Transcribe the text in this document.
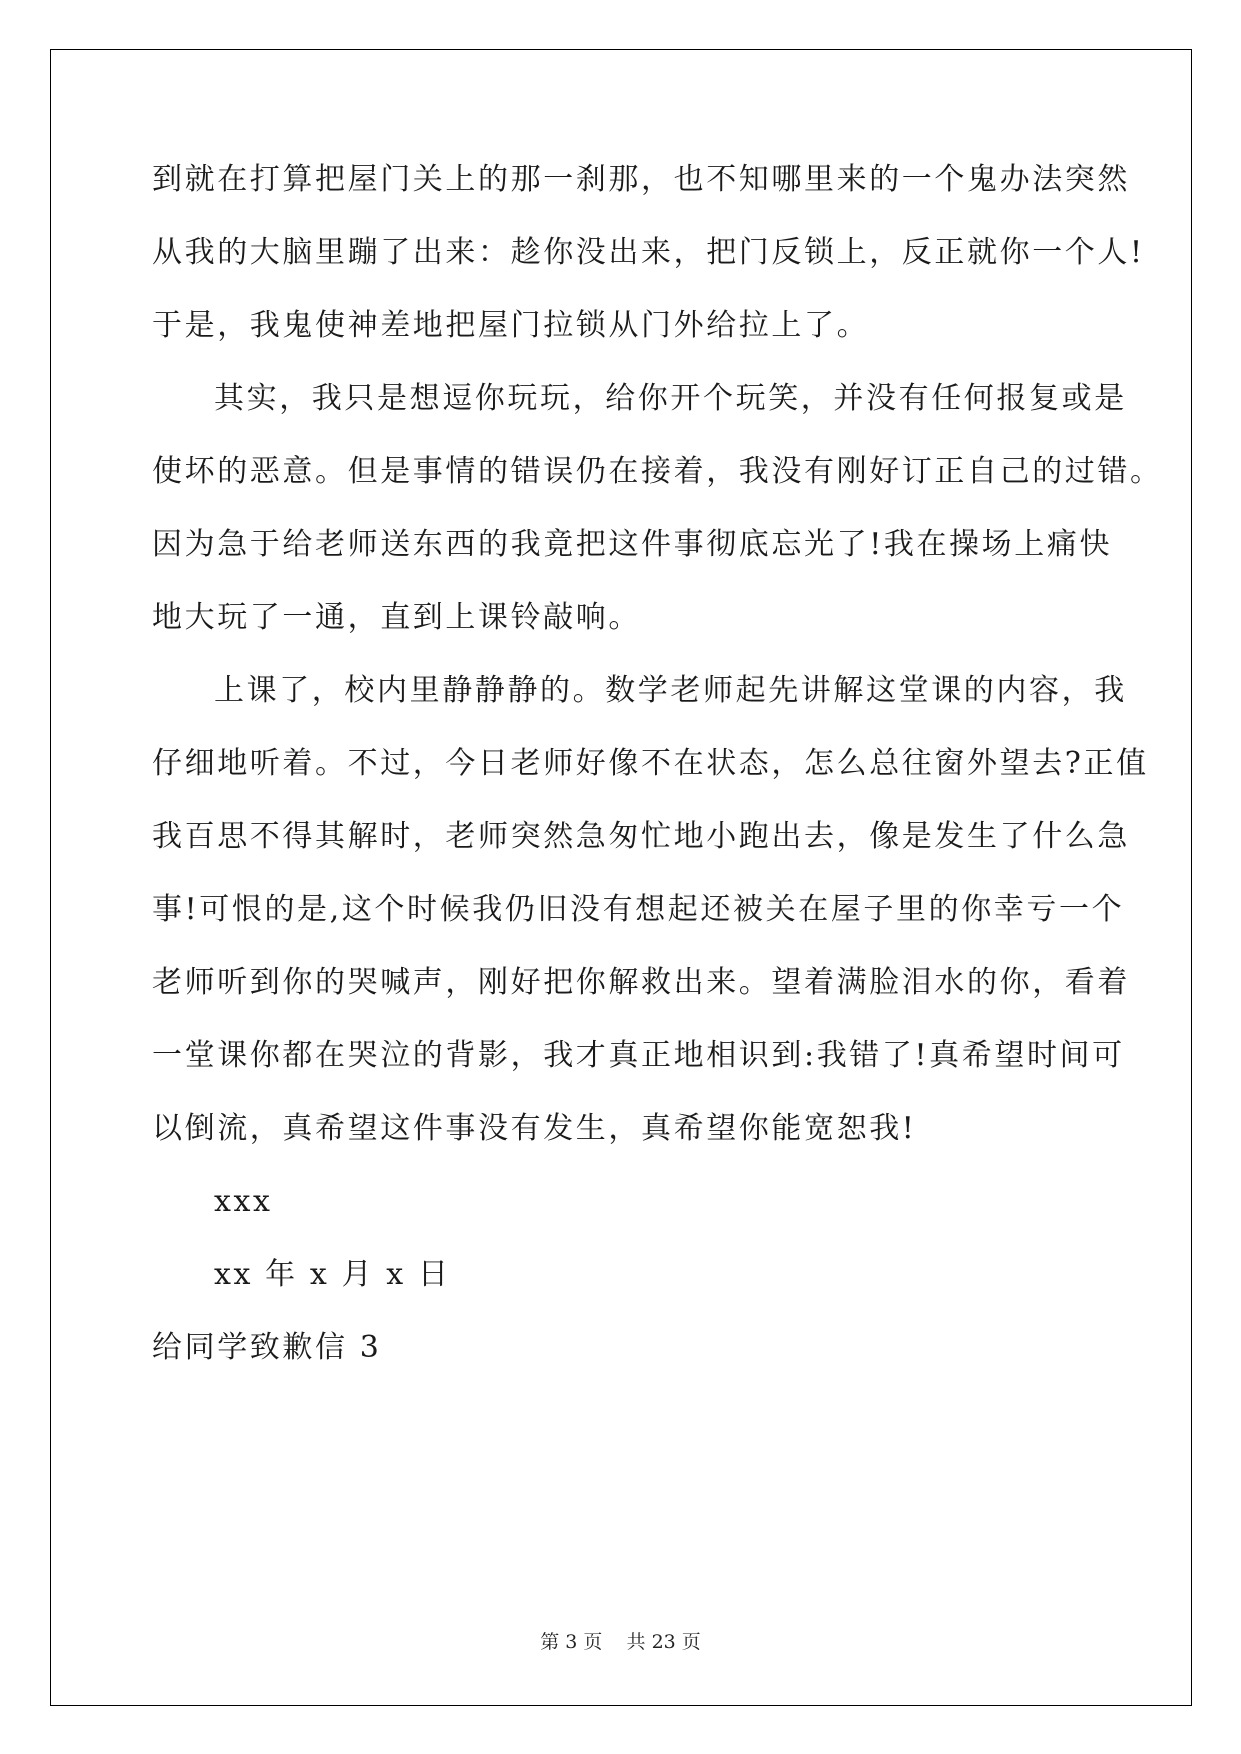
到就在打算把屋门关上的那一刹那，也不知哪里来的一个鬼办法突然
从我的大脑里蹦了出来：趁你没出来，把门反锁上，反正就你一个人!
于是，我鬼使神差地把屋门拉锁从门外给拉上了。
其实，我只是想逗你玩玩，给你开个玩笑，并没有任何报复或是
使坏的恶意。但是事情的错误仍在接着，我没有刚好订正自己的过错。
因为急于给老师送东西的我竟把这件事彻底忘光了!我在操场上痛快
地大玩了一通，直到上课铃敲响。
上课了，校内里静静静的。数学老师起先讲解这堂课的内容，我
仔细地听着。不过，今日老师好像不在状态，怎么总往窗外望去?正值
我百思不得其解时，老师突然急匆忙地小跑出去，像是发生了什么急
事!可恨的是,这个时候我仍旧没有想起还被关在屋子里的你幸亏一个
老师听到你的哭喊声，刚好把你解救出来。望着满脸泪水的你，看着
一堂课你都在哭泣的背影，我才真正地相识到:我错了!真希望时间可
以倒流，真希望这件事没有发生，真希望你能宽恕我!
xxx
xx 年 x 月 x 日
给同学致歉信 3
第 3 页    共 23 页
